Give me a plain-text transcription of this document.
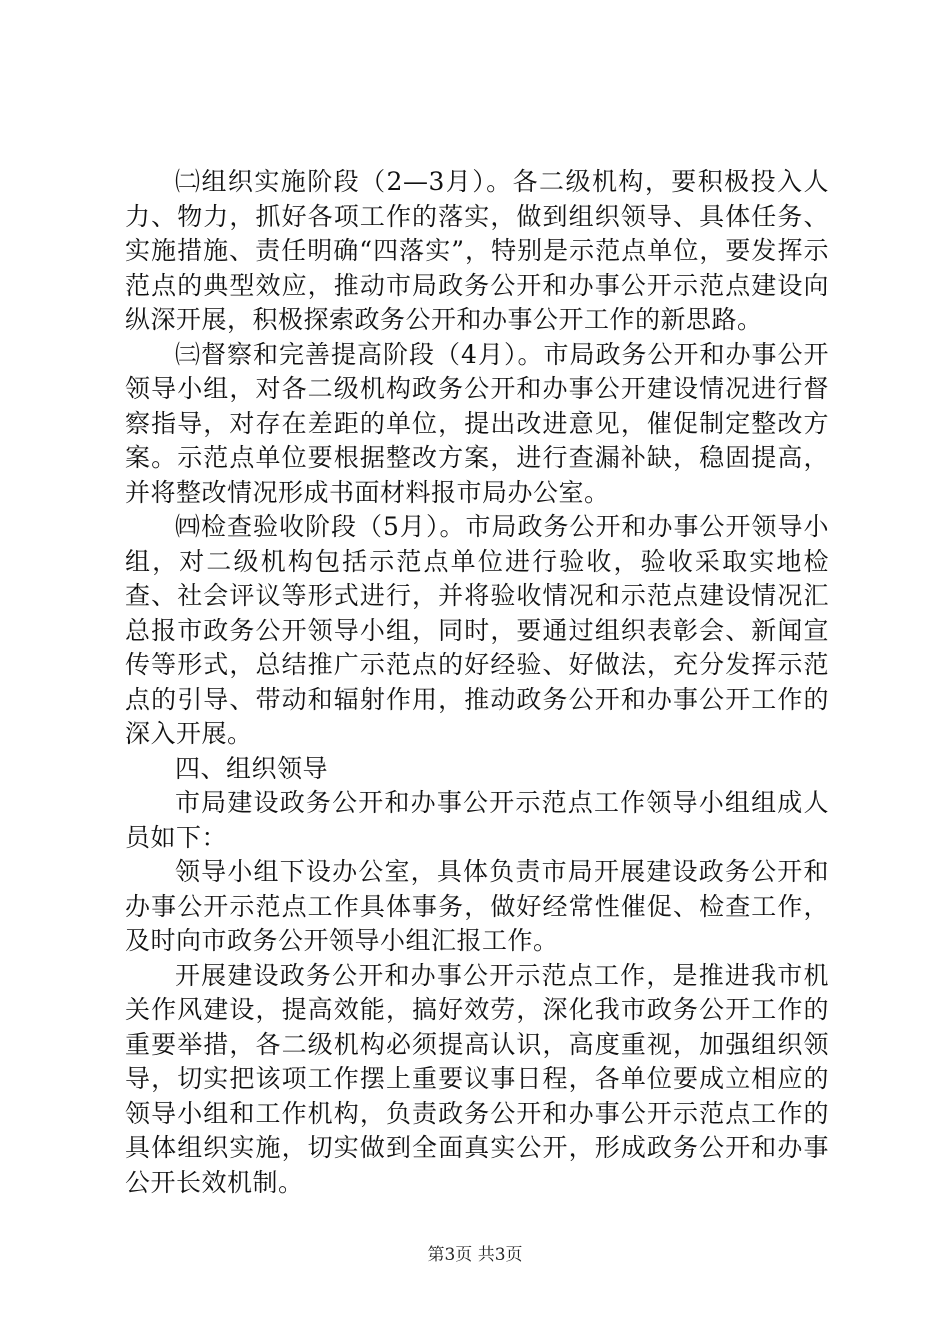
㈡组织实施阶段（2—3月）。各二级机构，要积极投入人力、物力，抓好各项工作的落实，做到组织领导、具体任务、实施措施、责任明确“四落实”，特别是示范点单位，要发挥示范点的典型效应，推动市局政务公开和办事公开示范点建设向纵深开展，积极探索政务公开和办事公开工作的新思路。

㈢督察和完善提高阶段（4月）。市局政务公开和办事公开领导小组，对各二级机构政务公开和办事公开建设情况进行督察指导，对存在差距的单位，提出改进意见，催促制定整改方案。示范点单位要根据整改方案，进行查漏补缺，稳固提高，并将整改情况形成书面材料报市局办公室。

㈣检查验收阶段（5月）。市局政务公开和办事公开领导小组，对二级机构包括示范点单位进行验收，验收采取实地检查、社会评议等形式进行，并将验收情况和示范点建设情况汇总报市政务公开领导小组，同时，要通过组织表彰会、新闻宣传等形式，总结推广示范点的好经验、好做法，充分发挥示范点的引导、带动和辐射作用，推动政务公开和办事公开工作的深入开展。

四、组织领导

市局建设政务公开和办事公开示范点工作领导小组组成人员如下：

领导小组下设办公室，具体负责市局开展建设政务公开和办事公开示范点工作具体事务，做好经常性催促、检查工作，及时向市政务公开领导小组汇报工作。

开展建设政务公开和办事公开示范点工作，是推进我市机关作风建设，提高效能，搞好效劳，深化我市政务公开工作的重要举措，各二级机构必须提高认识，高度重视，加强组织领导，切实把该项工作摆上重要议事日程，各单位要成立相应的领导小组和工作机构，负责政务公开和办事公开示范点工作的具体组织实施，切实做到全面真实公开，形成政务公开和办事公开长效机制。

第3页 共3页
